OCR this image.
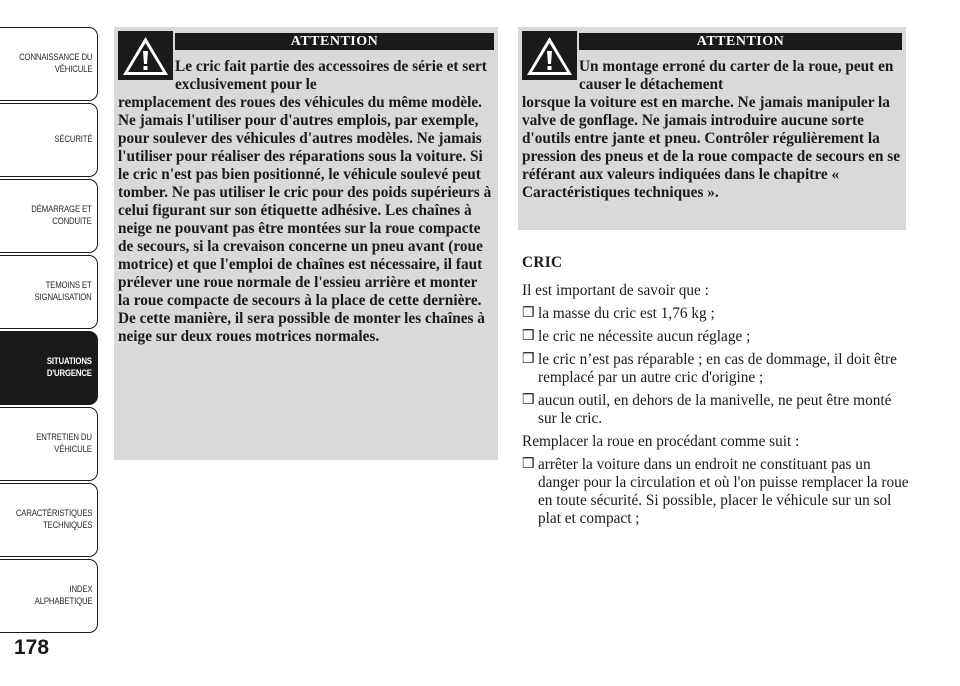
CONNAISSANCE DU
VÉHICULE
SÉCURITÉ
DÉMARRAGE ET
CONDUITE
TEMOINS ET
SIGNALISATION
SITUATIONS
D'URGENCE
ENTRETIEN DU
VÉHICULE
CARACTÉRISTIQUES
TECHNIQUES
INDEX
ALPHABETIQUE
178
ATTENTION
Le cric fait partie des accessoires de série et sert exclusivement pour le
remplacement des roues des véhicules du même modèle. Ne jamais l'utiliser pour d'autres emplois, par exemple, pour soulever des véhicules d'autres modèles. Ne jamais l'utiliser pour réaliser des réparations sous la voiture. Si le cric n'est pas bien positionné, le véhicule soulevé peut tomber. Ne pas utiliser le cric pour des poids supérieurs à celui figurant sur son étiquette adhésive. Les chaînes à neige ne pouvant pas être montées sur la roue compacte de secours, si la crevaison concerne un pneu avant (roue motrice) et que l'emploi de chaînes est nécessaire, il faut prélever une roue normale de l'essieu arrière et monter la roue compacte de secours à la place de cette dernière. De cette manière, il sera possible de monter les chaînes à neige sur deux roues motrices normales.
ATTENTION
Un montage erroné du carter de la roue, peut en causer le détachement
lorsque la voiture est en marche. Ne jamais manipuler la valve de gonflage. Ne jamais introduire aucune sorte d'outils entre jante et pneu. Contrôler régulièrement la pression des pneus et de la roue compacte de secours en se référant aux valeurs indiquées dans le chapitre « Caractéristiques techniques ».
CRIC

Il est important de savoir que :

❒ la masse du cric est 1,76 kg ;
❒ le cric ne nécessite aucun réglage ;
❒ le cric n’est pas réparable ; en cas de dommage, il doit être remplacé par un autre cric d'origine ;
❒ aucun outil, en dehors de la manivelle, ne peut être monté sur le cric.

Remplacer la roue en procédant comme suit :

❒ arrêter la voiture dans un endroit ne constituant pas un danger pour la circulation et où l'on puisse remplacer la roue en toute sécurité. Si possible, placer le véhicule sur un sol plat et compact ;
